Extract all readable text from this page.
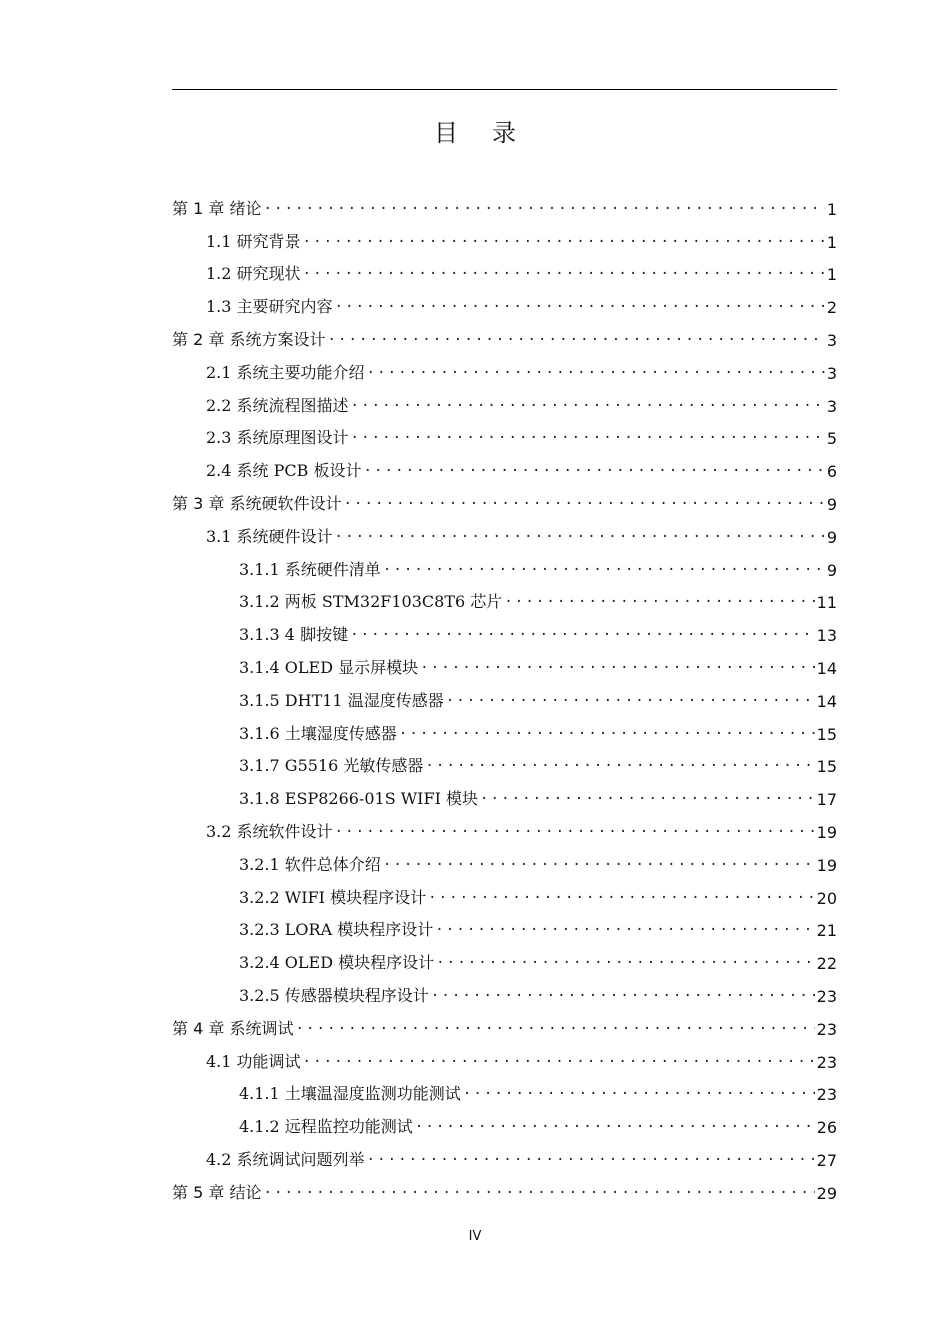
目 录
第 1 章 绪论 .....	1
1.1 研究背景 .....	1
1.2 研究现状 .....	1
1.3 主要研究内容 .....	2
第 2 章 系统方案设计 .....	3
2.1 系统主要功能介绍 .....	3
2.2 系统流程图描述 .....	3
2.3 系统原理图设计 .....	5
2.4 系统 PCB 板设计 .....	6
第 3 章 系统硬软件设计 .....	9
3.1 系统硬件设计 .....	9
3.1.1 系统硬件清单 .....	9
3.1.2 两板 STM32F103C8T6 芯片 .....	11
3.1.3 4 脚按键 .....	13
3.1.4 OLED 显示屏模块 .....	14
3.1.5 DHT11 温湿度传感器 .....	14
3.1.6 土壤湿度传感器 .....	15
3.1.7 G5516 光敏传感器 .....	15
3.1.8 ESP8266-01S WIFI 模块 .....	17
3.2 系统软件设计 .....	19
3.2.1 软件总体介绍 .....	19
3.2.2 WIFI 模块程序设计 .....	20
3.2.3 LORA 模块程序设计 .....	21
3.2.4 OLED 模块程序设计 .....	22
3.2.5 传感器模块程序设计 .....	23
第 4 章 系统调试 .....	23
4.1 功能调试 .....	23
4.1.1 土壤温湿度监测功能测试 .....	23
4.1.2 远程监控功能测试 .....	26
4.2 系统调试问题列举 .....	27
第 5 章 结论 .....	29
IV
